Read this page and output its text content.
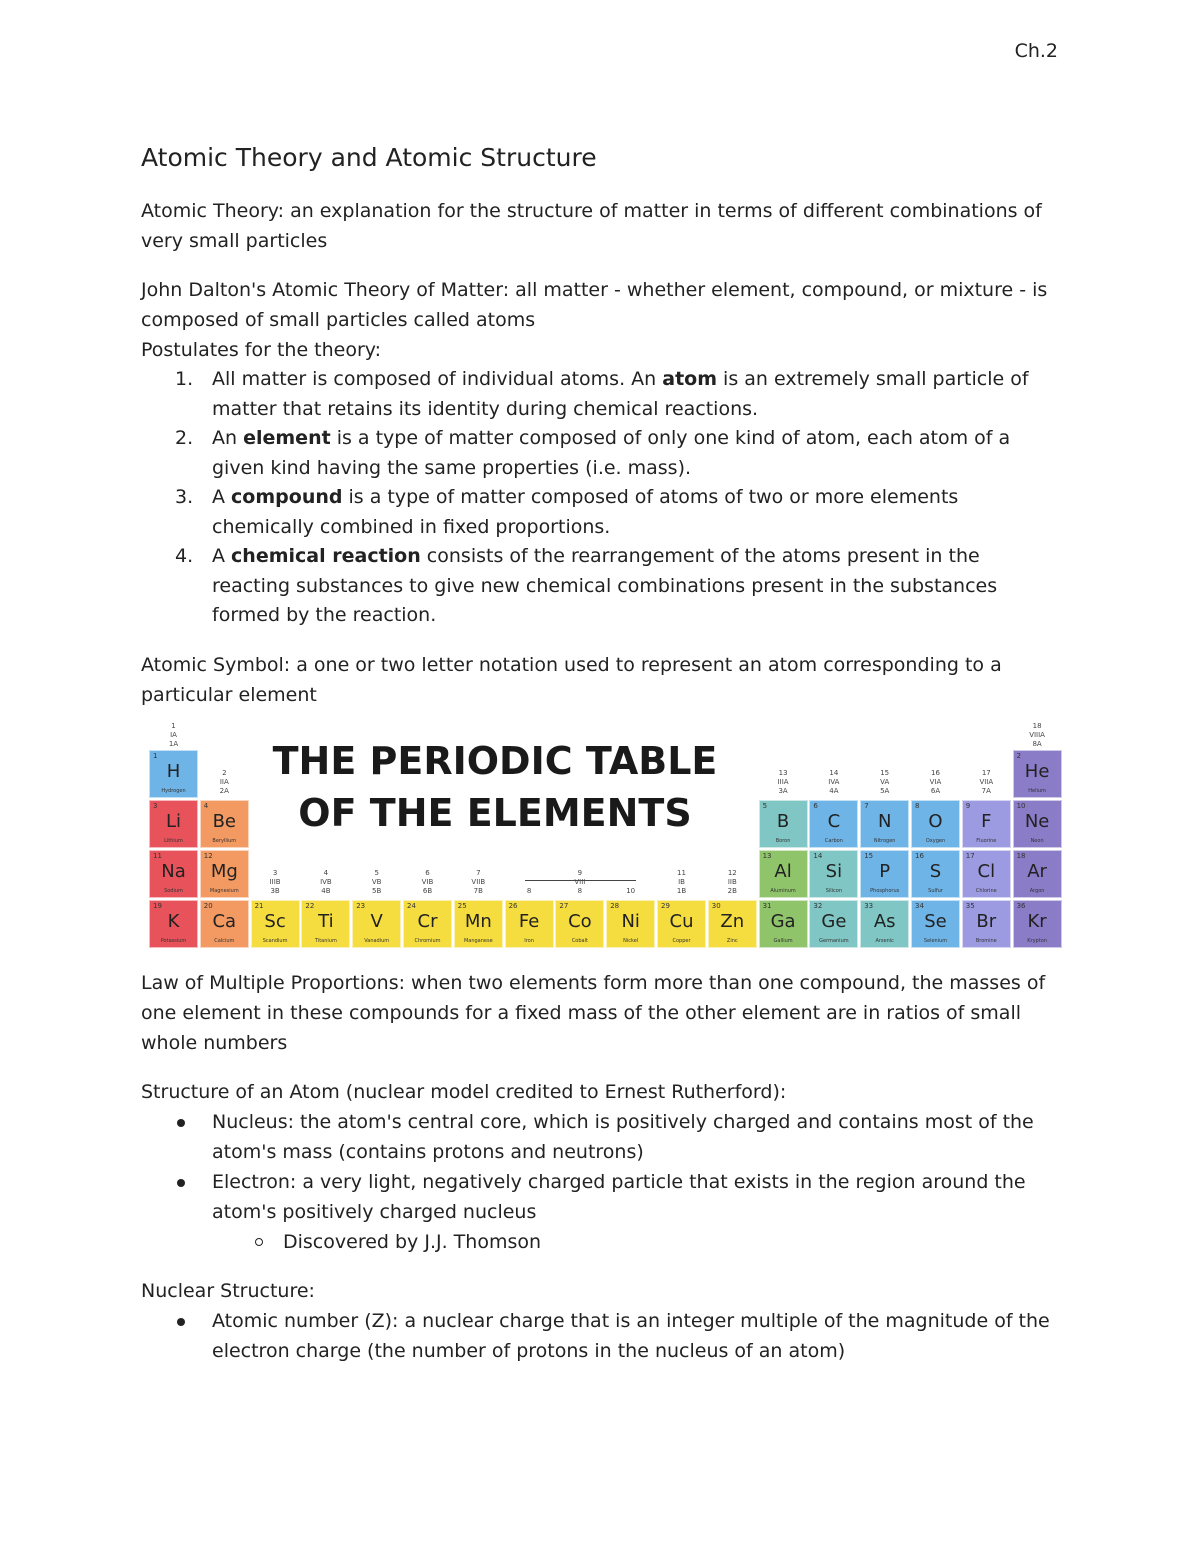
Ch.2
Atomic Theory and Atomic Structure

Atomic Theory: an explanation for the structure of matter in terms of different combinations of very small particles

John Dalton's Atomic Theory of Matter: all matter - whether element, compound, or mixture - is composed of small particles called atoms

Postulates for the theory:

1. All matter is composed of individual atoms. An atom is an extremely small particle of matter that retains its identity during chemical reactions.
2. An element is a type of matter composed of only one kind of atom, each atom of a given kind having the same properties (i.e. mass).
3. A compound is a type of matter composed of atoms of two or more elements chemically combined in fixed proportions.
4. A chemical reaction consists of the rearrangement of the atoms present in the reacting substances to give new chemical combinations present in the substances formed by the reaction.

Atomic Symbol: a one or two letter notation used to represent an atom corresponding to a particular element

THE PERIODIC TABLE
OF THE ELEMENTS
1
H
Hydrogen
2
He
Helium
3
Li
Lithium
4
Be
Beryllium
5
B
Boron
6
C
Carbon
7
N
Nitrogen
8
O
Oxygen
9
F
Fluorine
10
Ne
Neon
11
Na
Sodium
12
Mg
Magnesium
13
Al
Aluminum
14
Si
Silicon
15
P
Phosphorus
16
S
Sulfur
17
Cl
Chlorine
18
Ar
Argon
19
K
Potassium
20
Ca
Calcium
21
Sc
Scandium
22
Ti
Titanium
23
V
Vanadium
24
Cr
Chromium
25
Mn
Manganese
26
Fe
Iron
27
Co
Cobalt
28
Ni
Nickel
29
Cu
Copper
30
Zn
Zinc
31
Ga
Gallium
32
Ge
Germanium
33
As
Arsenic
34
Se
Selenium
35
Br
Bromine
36
Kr
Krypton
1
IA
1A
2
IIA
2A
3
IIIB
3B
4
IVB
4B
5
VB
5B
6
VIB
6B
7
VIIB
7B	8
9
VIII
8	10
11
IB
1B
12
IIB
2B
13
IIIA
3A
14
IVA
4A
15
VA
5A
16
VIA
6A
17
VIIA
7A
18
VIIIA
8A

Law of Multiple Proportions: when two elements form more than one compound, the masses of one element in these compounds for a fixed mass of the other element are in ratios of small whole numbers

Structure of an Atom (nuclear model credited to Ernest Rutherford):

Nucleus: the atom's central core, which is positively charged and contains most of the atom's mass (contains protons and neutrons)
Electron: a very light, negatively charged particle that exists in the region around the atom's positively charged nucleus
Discovered by J.J. Thomson

Nuclear Structure:

Atomic number (Z): a nuclear charge that is an integer multiple of the magnitude of the electron charge (the number of protons in the nucleus of an atom)
